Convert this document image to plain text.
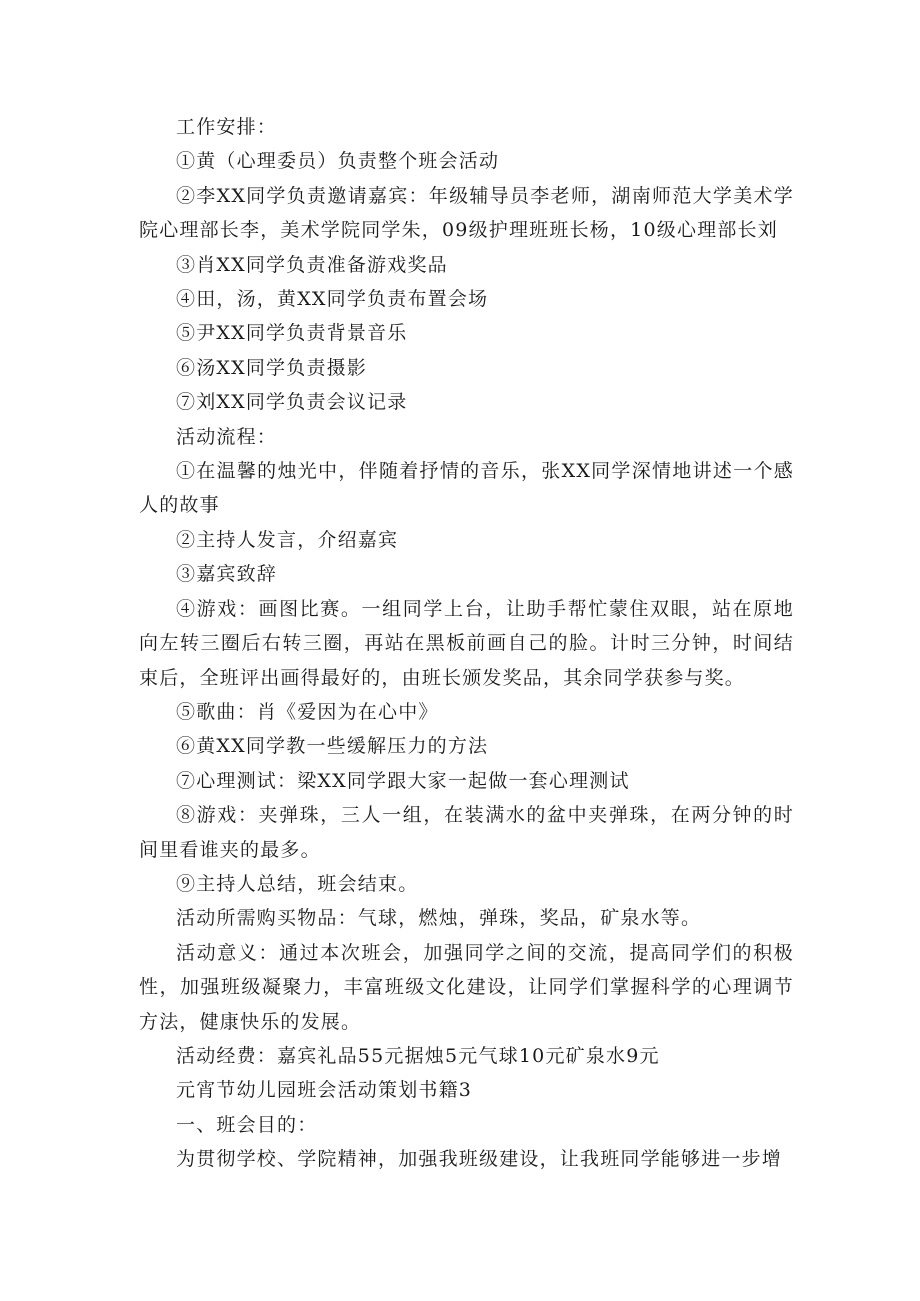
工作安排：

①黄（心理委员）负责整个班会活动

②李XX同学负责邀请嘉宾：年级辅导员李老师，湖南师范大学美术学院心理部长李，美术学院同学朱，09级护理班班长杨，10级心理部长刘

③肖XX同学负责准备游戏奖品

④田，汤，黄XX同学负责布置会场

⑤尹XX同学负责背景音乐

⑥汤XX同学负责摄影

⑦刘XX同学负责会议记录

活动流程：

①在温馨的烛光中，伴随着抒情的音乐，张XX同学深情地讲述一个感人的故事

②主持人发言，介绍嘉宾

③嘉宾致辞

④游戏：画图比赛。一组同学上台，让助手帮忙蒙住双眼，站在原地向左转三圈后右转三圈，再站在黑板前画自己的脸。计时三分钟，时间结束后，全班评出画得最好的，由班长颁发奖品，其余同学获参与奖。

⑤歌曲：肖《爱因为在心中》

⑥黄XX同学教一些缓解压力的方法

⑦心理测试：梁XX同学跟大家一起做一套心理测试

⑧游戏：夹弹珠，三人一组，在装满水的盆中夹弹珠，在两分钟的时间里看谁夹的最多。

⑨主持人总结，班会结束。

活动所需购买物品：气球，燃烛，弹珠，奖品，矿泉水等。

活动意义：通过本次班会，加强同学之间的交流，提高同学们的积极性，加强班级凝聚力，丰富班级文化建设，让同学们掌握科学的心理调节方法，健康快乐的发展。

活动经费：嘉宾礼品55元据烛5元气球10元矿泉水9元

元宵节幼儿园班会活动策划书籍3

一、班会目的：

为贯彻学校、学院精神，加强我班级建设，让我班同学能够进一步增
